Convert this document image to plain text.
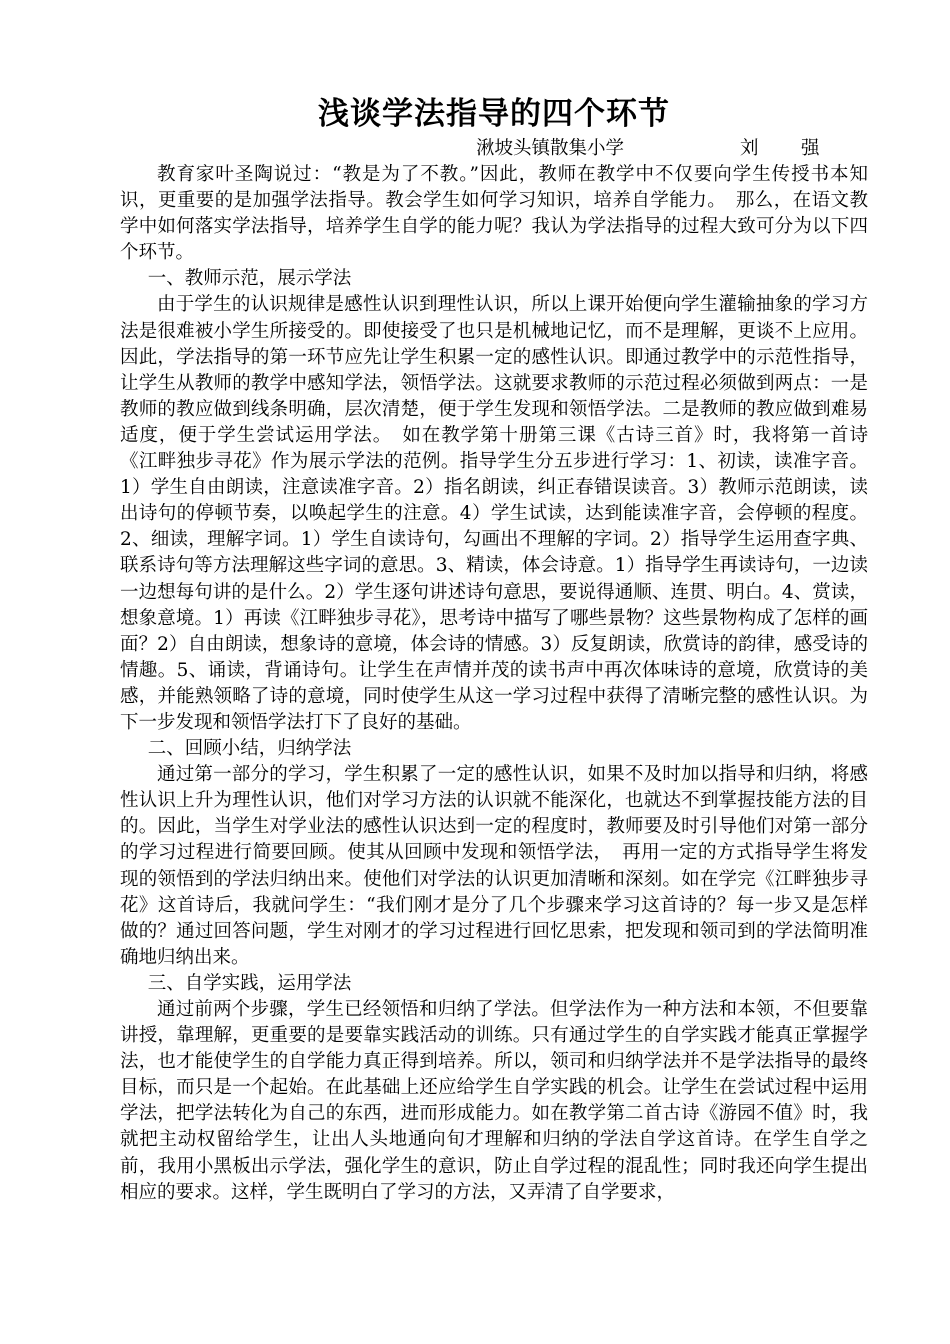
浅谈学法指导的四个环节
湫坡头镇散集小学	刘　强

教育家叶圣陶说过：“教是为了不教。”因此，教师在教学中不仅要向学生传授书本知识，更重要的是加强学法指导。教会学生如何学习知识，培养自学能力。　那么，在语文教学中如何落实学法指导，培养学生自学的能力呢？我认为学法指导的过程大致可分为以下四个环节。

一、教师示范，展示学法

由于学生的认识规律是感性认识到理性认识，所以上课开始便向学生灌输抽象的学习方法是很难被小学生所接受的。即使接受了也只是机械地记忆，而不是理解，更谈不上应用。因此，学法指导的第一环节应先让学生积累一定的感性认识。即通过教学中的示范性指导，让学生从教师的教学中感知学法，领悟学法。这就要求教师的示范过程必须做到两点：一是教师的教应做到线条明确，层次清楚，便于学生发现和领悟学法。二是教师的教应做到难易适度，便于学生尝试运用学法。　如在教学第十册第三课《古诗三首》时，我将第一首诗《江畔独步寻花》作为展示学法的范例。指导学生分五步进行学习：1、初读，读准字音。1）学生自由朗读，注意读准字音。2）指名朗读，纠正春错误读音。3）教师示范朗读，读出诗句的停顿节奏，以唤起学生的注意。4）学生试读，达到能读准字音，会停顿的程度。2、细读，理解字词。1）学生自读诗句，勾画出不理解的字词。2）指导学生运用查字典、联系诗句等方法理解这些字词的意思。3、精读，体会诗意。1）指导学生再读诗句，一边读一边想每句讲的是什么。2）学生逐句讲述诗句意思，要说得通顺、连贯、明白。4、赏读，想象意境。1）再读《江畔独步寻花》，思考诗中描写了哪些景物？这些景物构成了怎样的画面？2）自由朗读，想象诗的意境，体会诗的情感。3）反复朗读，欣赏诗的韵律，感受诗的情趣。5、诵读，背诵诗句。让学生在声情并茂的读书声中再次体味诗的意境，欣赏诗的美感，并能熟领略了诗的意境，同时使学生从这一学习过程中获得了清晰完整的感性认识。为下一步发现和领悟学法打下了良好的基础。

二、回顾小结，归纳学法

通过第一部分的学习，学生积累了一定的感性认识，如果不及时加以指导和归纳，将感性认识上升为理性认识，他们对学习方法的认识就不能深化，也就达不到掌握技能方法的目的。因此，当学生对学业法的感性认识达到一定的程度时，教师要及时引导他们对第一部分的学习过程进行简要回顾。使其从回顾中发现和领悟学法，　再用一定的方式指导学生将发现的领悟到的学法归纳出来。使他们对学法的认识更加清晰和深刻。如在学完《江畔独步寻花》这首诗后，我就问学生：“我们刚才是分了几个步骤来学习这首诗的？每一步又是怎样做的？通过回答问题，学生对刚才的学习过程进行回忆思索，把发现和领司到的学法简明准确地归纳出来。

三、自学实践，运用学法

通过前两个步骤，学生已经领悟和归纳了学法。但学法作为一种方法和本领，不但要靠讲授，靠理解，更重要的是要靠实践活动的训练。只有通过学生的自学实践才能真正掌握学法，也才能使学生的自学能力真正得到培养。所以，领司和归纳学法并不是学法指导的最终目标，而只是一个起始。在此基础上还应给学生自学实践的机会。让学生在尝试过程中运用学法，把学法转化为自己的东西，进而形成能力。如在教学第二首古诗《游园不值》时，我就把主动权留给学生，让出人头地通向旬才理解和归纳的学法自学这首诗。在学生自学之前，我用小黑板出示学法，强化学生的意识，防止自学过程的混乱性；同时我还向学生提出相应的要求。这样，学生既明白了学习的方法，又弄清了自学要求，
